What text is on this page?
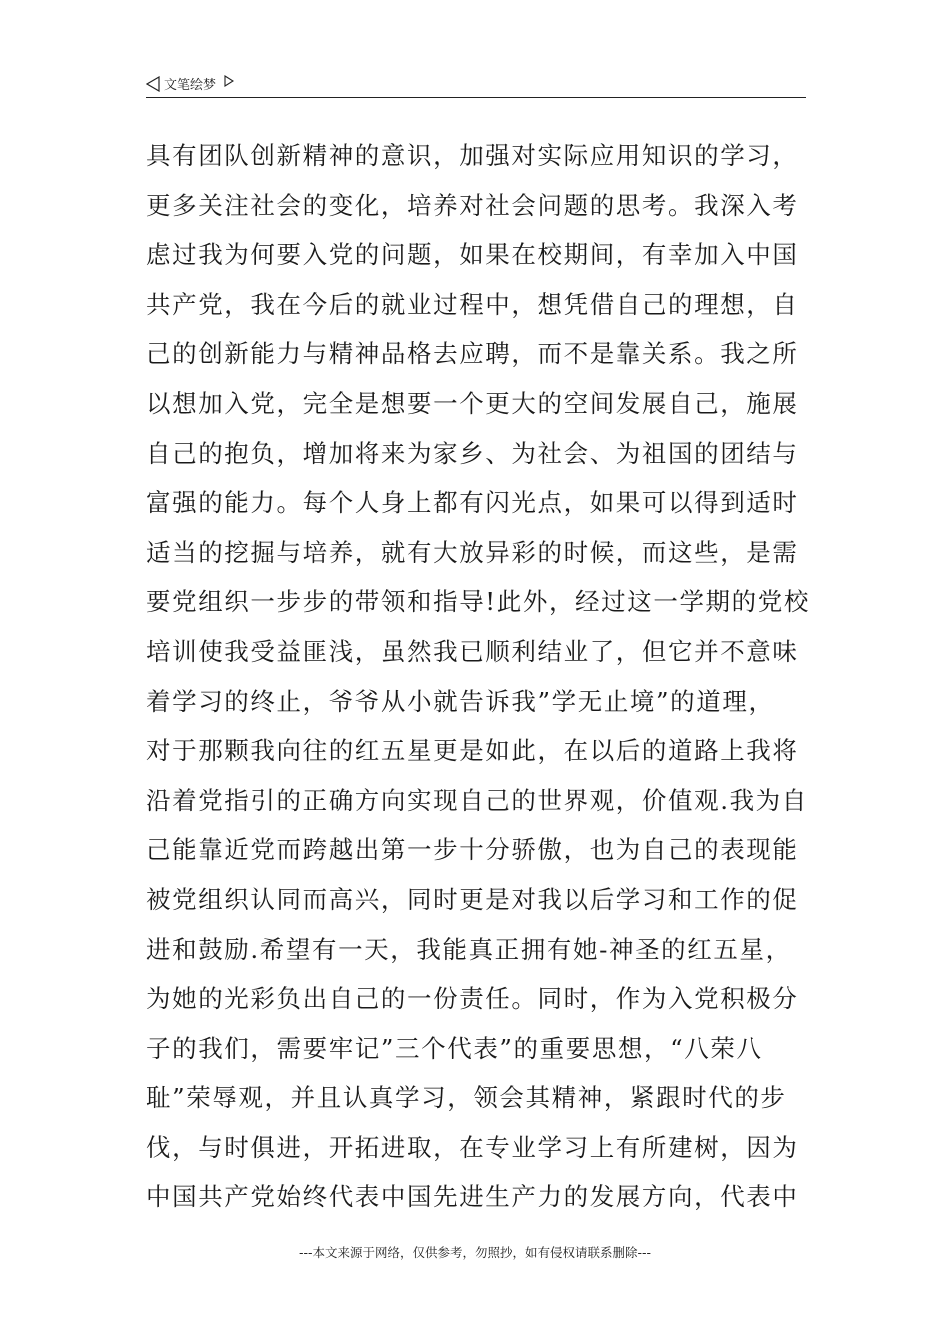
文笔绘梦
具有团队创新精神的意识，加强对实际应用知识的学习，
更多关注社会的变化，培养对社会问题的思考。我深入考
虑过我为何要入党的问题，如果在校期间，有幸加入中国
共产党，我在今后的就业过程中，想凭借自己的理想，自
己的创新能力与精神品格去应聘，而不是靠关系。我之所
以想加入党，完全是想要一个更大的空间发展自己，施展
自己的抱负，增加将来为家乡、为社会、为祖国的团结与
富强的能力。每个人身上都有闪光点，如果可以得到适时
适当的挖掘与培养，就有大放异彩的时候，而这些，是需
要党组织一步步的带领和指导!此外，经过这一学期的党校
培训使我受益匪浅，虽然我已顺利结业了，但它并不意味
着学习的终止，爷爷从小就告诉我”学无止境”的道理，
对于那颗我向往的红五星更是如此，在以后的道路上我将
沿着党指引的正确方向实现自己的世界观，价值观.我为自
己能靠近党而跨越出第一步十分骄傲，也为自己的表现能
被党组织认同而高兴，同时更是对我以后学习和工作的促
进和鼓励.希望有一天，我能真正拥有她-神圣的红五星，
为她的光彩负出自己的一份责任。同时，作为入党积极分
子的我们，需要牢记”三个代表”的重要思想，“八荣八
耻”荣辱观，并且认真学习，领会其精神，紧跟时代的步
伐，与时俱进，开拓进取，在专业学习上有所建树，因为
中国共产党始终代表中国先进生产力的发展方向，代表中
---本文来源于网络，仅供参考，勿照抄，如有侵权请联系删除---
